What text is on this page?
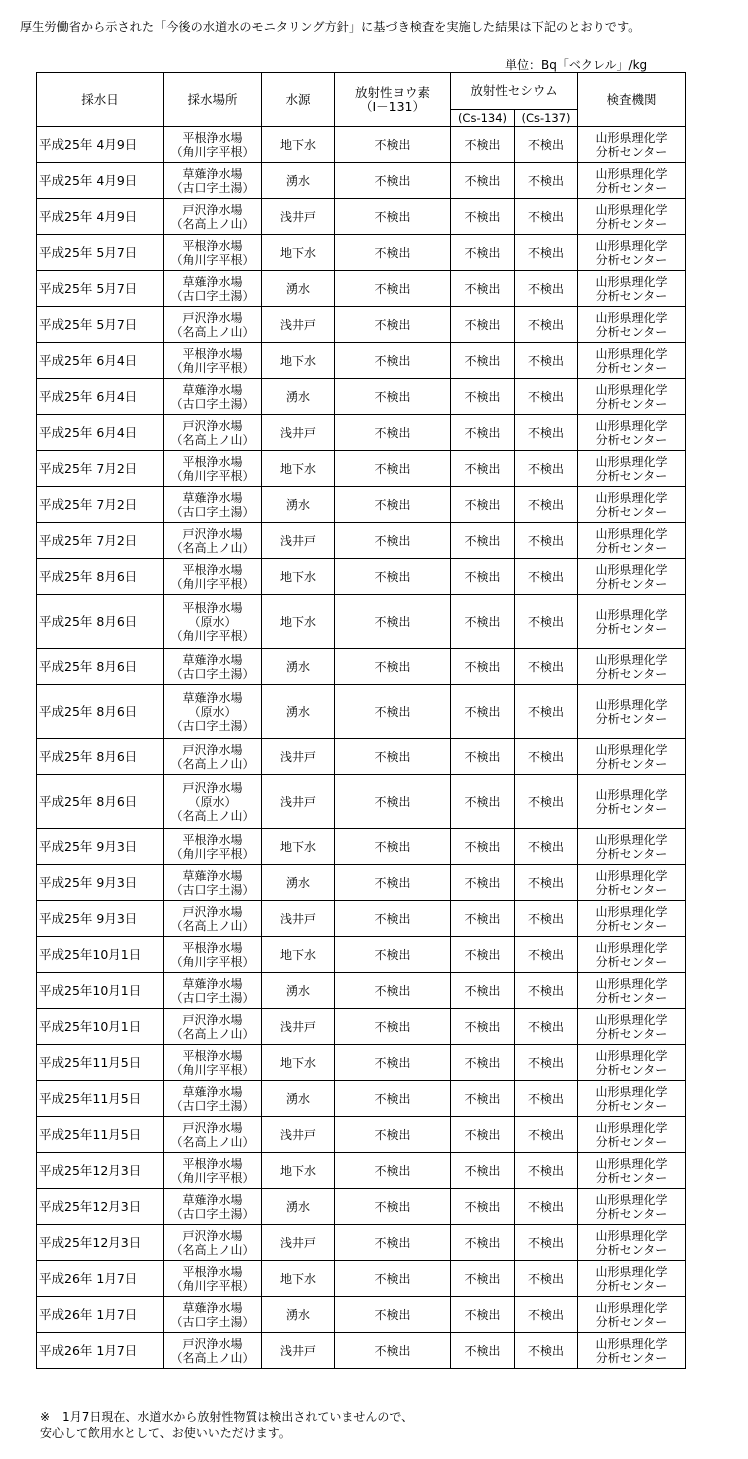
厚生労働省から示された「今後の水道水のモニタリング方針」に基づき検査を実施した結果は下記のとおりです。

単位：Bq「ベクレル」/kg
採水日	採水場所	水源	放射性ヨウ素
（I－131）	放射性セシウム		検査機関
				(Cs-134)	(Cs-137)	
平成25年 4月9日	平根浄水場
（角川字平根）	地下水	不検出	不検出	不検出	山形県理化学
分析センター

平成25年 4月9日	草薙浄水場
（古口字土湯）	湧水	不検出	不検出	不検出	山形県理化学
分析センター

平成25年 4月9日	戸沢浄水場
（名高上ノ山）	浅井戸	不検出	不検出	不検出	山形県理化学
分析センター

平成25年 5月7日	平根浄水場
（角川字平根）	地下水	不検出	不検出	不検出	山形県理化学
分析センター

平成25年 5月7日	草薙浄水場
（古口字土湯）	湧水	不検出	不検出	不検出	山形県理化学
分析センター

平成25年 5月7日	戸沢浄水場
（名高上ノ山）	浅井戸	不検出	不検出	不検出	山形県理化学
分析センター

平成25年 6月4日	平根浄水場
（角川字平根）	地下水	不検出	不検出	不検出	山形県理化学
分析センター

平成25年 6月4日	草薙浄水場
（古口字土湯）	湧水	不検出	不検出	不検出	山形県理化学
分析センター

平成25年 6月4日	戸沢浄水場
（名高上ノ山）	浅井戸	不検出	不検出	不検出	山形県理化学
分析センター

平成25年 7月2日	平根浄水場
（角川字平根）	地下水	不検出	不検出	不検出	山形県理化学
分析センター

平成25年 7月2日	草薙浄水場
（古口字土湯）	湧水	不検出	不検出	不検出	山形県理化学
分析センター

平成25年 7月2日	戸沢浄水場
（名高上ノ山）	浅井戸	不検出	不検出	不検出	山形県理化学
分析センター

平成25年 8月6日	平根浄水場
（角川字平根）	地下水	不検出	不検出	不検出	山形県理化学
分析センター

平成25年 8月6日	平根浄水場
（原水）
（角川字平根）	地下水	不検出	不検出	不検出	山形県理化学
分析センター

平成25年 8月6日	草薙浄水場
（古口字土湯）	湧水	不検出	不検出	不検出	山形県理化学
分析センター

平成25年 8月6日	草薙浄水場
（原水）
（古口字土湯）	湧水	不検出	不検出	不検出	山形県理化学
分析センター

平成25年 8月6日	戸沢浄水場
（名高上ノ山）	浅井戸	不検出	不検出	不検出	山形県理化学
分析センター

平成25年 8月6日	戸沢浄水場
（原水）
（名高上ノ山）	浅井戸	不検出	不検出	不検出	山形県理化学
分析センター

平成25年 9月3日	平根浄水場
（角川字平根）	地下水	不検出	不検出	不検出	山形県理化学
分析センター

平成25年 9月3日	草薙浄水場
（古口字土湯）	湧水	不検出	不検出	不検出	山形県理化学
分析センター

平成25年 9月3日	戸沢浄水場
（名高上ノ山）	浅井戸	不検出	不検出	不検出	山形県理化学
分析センター

平成25年10月1日	平根浄水場
（角川字平根）	地下水	不検出	不検出	不検出	山形県理化学
分析センター

平成25年10月1日	草薙浄水場
（古口字土湯）	湧水	不検出	不検出	不検出	山形県理化学
分析センター

平成25年10月1日	戸沢浄水場
（名高上ノ山）	浅井戸	不検出	不検出	不検出	山形県理化学
分析センター

平成25年11月5日	平根浄水場
（角川字平根）	地下水	不検出	不検出	不検出	山形県理化学
分析センター

平成25年11月5日	草薙浄水場
（古口字土湯）	湧水	不検出	不検出	不検出	山形県理化学
分析センター

平成25年11月5日	戸沢浄水場
（名高上ノ山）	浅井戸	不検出	不検出	不検出	山形県理化学
分析センター

平成25年12月3日	平根浄水場
（角川字平根）	地下水	不検出	不検出	不検出	山形県理化学
分析センター

平成25年12月3日	草薙浄水場
（古口字土湯）	湧水	不検出	不検出	不検出	山形県理化学
分析センター

平成25年12月3日	戸沢浄水場
（名高上ノ山）	浅井戸	不検出	不検出	不検出	山形県理化学
分析センター

平成26年 1月7日	平根浄水場
（角川字平根）	地下水	不検出	不検出	不検出	山形県理化学
分析センター

平成26年 1月7日	草薙浄水場
（古口字土湯）	湧水	不検出	不検出	不検出	山形県理化学
分析センター

平成26年 1月7日	戸沢浄水場
（名高上ノ山）	浅井戸	不検出	不検出	不検出	山形県理化学
分析センター
※　1月7日現在、水道水から放射性物質は検出されていませんので、
安心して飲用水として、お使いいただけます。
